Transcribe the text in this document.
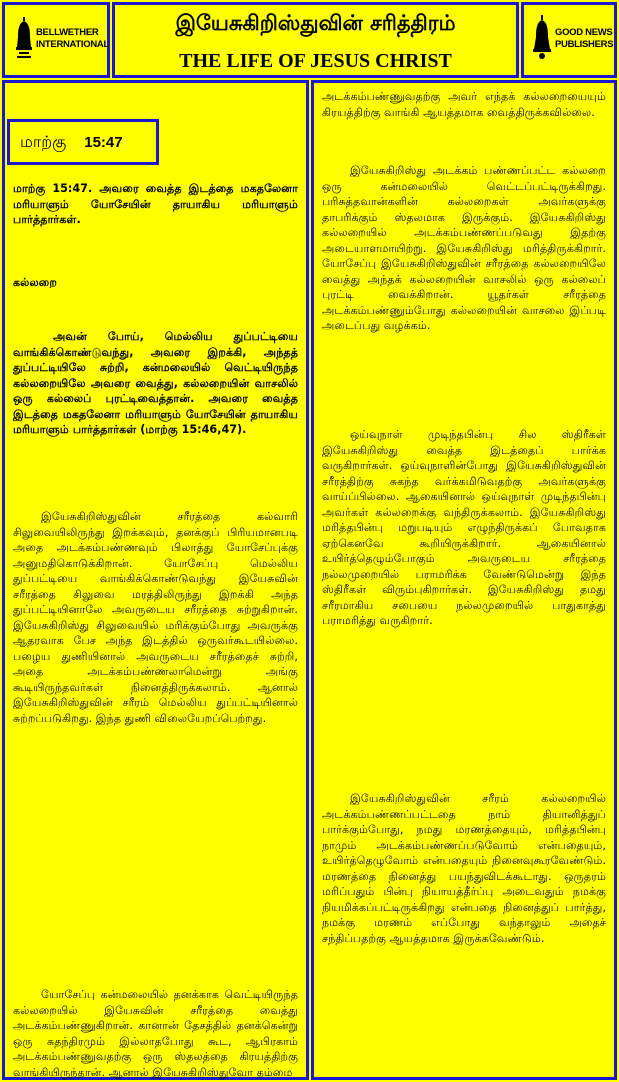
BELLWETHER
INTERNATIONAL
இயேசுகிறிஸ்துவின் சரித்திரம்
THE LIFE OF JESUS CHRIST
GOOD NEWS
PUBLISHERS
மாற்கு 15:47

மாற்கு 15:47. அவரை வைத்த இடத்தை மகதலேனா மரியாளும் யோசேயின் தாயாகிய மரியாளும் பார்த்தார்கள்.

கல்லறை

அவன் போய், மெல்லிய துப்பட்டியை வாங்கிக்கொண்டுவந்து, அவரை இறக்கி, அந்தத் துப்பட்டியிலே சுற்றி, கன்மலையில் வெட்டியிருந்த கல்லறையிலே அவரை வைத்து, கல்லறையின் வாசலில் ஒரு கல்லைப் புரட்டிவைத்தான். அவரை வைத்த இடத்தை மகதலேனா மரியாளும் யோசேயின் தாயாகிய மரியாளும் பார்த்தார்கள் (மாற்கு 15:46,47).

இயேசுகிறிஸ்துவின் சரீரத்தை கல்வாரி சிலுவையிலிருந்து இறக்கவும், தனக்குப் பிரியமானபடி அதை அடக்கம்பண்ணவும் பிலாத்து யோசேப்புக்கு அனுமதிகொடுக்கிறான். யோசேப்பு மெல்லிய துப்பட்டியை வாங்கிக்கொண்டுவந்து இயேசுவின் சரீரத்தை சிலுவை மரத்திலிருந்து இறக்கி அந்த துப்பட்டியினாலே அவருடைய சரீரத்தை சுற்றுகிறான். இயேசுகிறிஸ்து சிலுவையில் மரிக்கும்போது அவருக்கு ஆதரவாக பேச அந்த இடத்தில் ஒருவர்கூடயில்லை. பழைய துணியினால் அவருடைய சரீரத்தைச் சுற்றி, அதை அடக்கம்பண்ணலாமென்று அங்கு கூடியிருந்தவர்கள் நினைத்திருக்கலாம். ஆனால் இயேசுகிறிஸ்துவின் சரீரம் மெல்லிய துப்பட்டியினால் சுற்றப்படுகிறது. இந்த துணி விலையேறப்பெற்றது.

யோசேப்பு கன்மலையில் தனக்காக வெட்டியிருந்த கல்லறையில் இயேசுவின் சரீரத்தை வைத்து அடக்கம்பண்ணுகிறான். கானான் தேசத்தில் தனக்கென்று ஒரு சுதந்திரமும் இல்லாதபோது கூட, ஆபிரகாம் அடக்கம்பண்ணுவதற்கு ஒரு ஸ்தலத்தை கிரயத்திற்கு வாங்கியிருந்தான். ஆனால் இயேசுகிறிஸ்துவோ தம்மை

அடக்கம்பண்ணுவதற்கு அவர் எந்தக் கல்லறையையும் கிரயத்திற்கு வாங்கி ஆயத்தமாக வைத்திருக்கவில்லை.

இயேசுகிறிஸ்து அடக்கம் பண்ணப்பட்ட கல்லறை ஒரு கன்மலையில் வெட்டப்பட்டிருக்கிறது. பரிசுத்தவான்களின் கல்லறைகள் அவர்களுக்கு தாபரிக்கும் ஸ்தலமாக இருக்கும். இயேசுகிறிஸ்து கல்லறையில் அடக்கம்பண்ணப்படுவது இதற்கு அடையாளமாயிற்று. இயேசுகிறிஸ்து மரித்திருக்கிறார். யோசேப்பு இயேசுகிறிஸ்துவின் சரீரத்தை கல்லறையிலே வைத்து அந்தக் கல்லறையின் வாசலில் ஒரு கல்லைப் புரட்டி வைக்கிறான். யூதர்கள் சரீரத்தை அடக்கம்பண்ணும்போது கல்லறையின் வாசலை இப்படி அடைப்பது வழக்கம்.

ஒய்வுநாள் முடிந்தபின்பு சில ஸ்திரீகள் இயேசுகிறிஸ்து வைத்த இடத்தைப் பார்க்க வருகிறார்கள். ஒய்வுநாளின்போது இயேசுகிறிஸ்துவின் சரீரத்திற்கு சுகந்த வர்க்கமிடுவதற்கு அவர்களுக்கு வாய்ப்பில்லை. ஆகையினால் ஒய்வுநாள் முடிந்தபின்பு அவர்கள் கல்லறைக்கு வந்திருக்கலாம். இயேசுகிறிஸ்து மரித்தபின்பு மறுபடியும் எழுந்திருக்கப் போவதாக ஏற்கெனவே கூறியிருக்கிறார். ஆகையினால் உயிர்த்தெழும்போகும் அவருடைய சரீரத்தை நல்லமுறையில் பராமரிக்க வேண்டுமென்று இந்த ஸ்திரீகள் விரும்புகிறார்கள். இயேசுகிறிஸ்து தமது சரீரமாகிய சபையை நல்லமுறையில் பாதுகாத்து பராமரித்து வருகிறார்.

இயேசுகிறிஸ்துவின் சரீரம் கல்லறையில் அடக்கம்பண்ணப்பட்டதை நாம் தியானித்துப் பார்க்கும்போது, நமது மரணத்தையும், மரித்தபின்பு நாமும் அடக்கம்பண்ணப்படுவோம் என்பதையும், உயிர்த்தெழுவோம் என்பதையும் நினைவுகூரவேண்டும். மரணத்தை நினைத்து பயந்துவிடக்கூடாது. ஒருதரம் மரிப்பதும் பின்பு நியாயத்தீர்ப்பு அடைவதும் நமக்கு நியமிக்கப்பட்டிருக்கிறது என்பதை நினைத்துப் பார்த்து, நமக்கு மரணம் எப்போது வந்தாலும் அதைச் சந்திப்பதற்கு ஆயத்தமாக இருக்கவேண்டும்.
